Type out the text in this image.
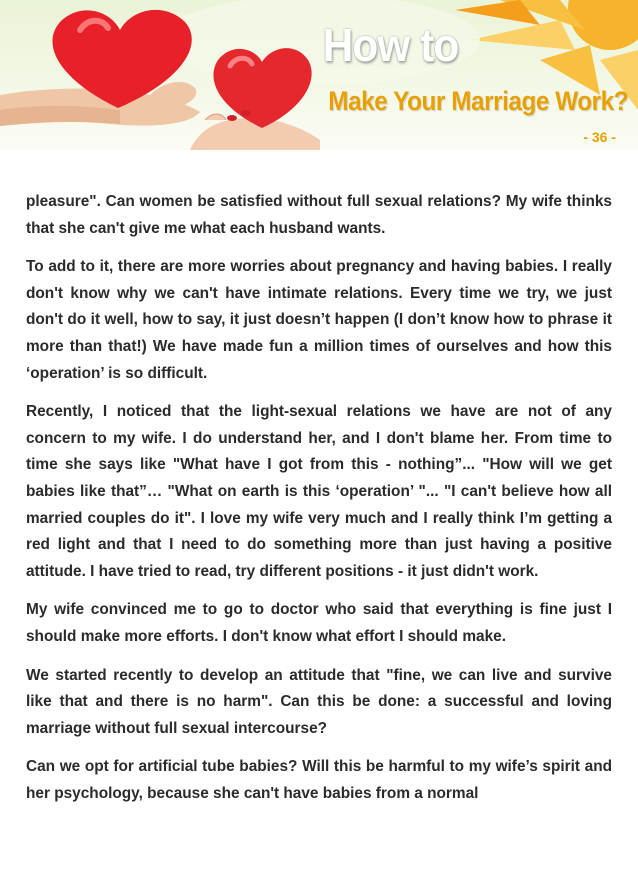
How to
Make Your Marriage Work?
- 36 -

pleasure". Can women be satisfied without full sexual relations? My wife thinks that she can't give me what each husband wants.

To add to it, there are more worries about pregnancy and having babies. I really don't know why we can't have intimate relations. Every time we try, we just don't do it well, how to say, it just doesn’t happen (I don’t know how to phrase it more than that!) We have made fun a million times of ourselves and how this ‘operation’ is so difficult.

Recently, I noticed that the light-sexual relations we have are not of any concern to my wife. I do understand her, and I don't blame her. From time to time she says like "What have I got from this - nothing”... "How will we get babies like that”… "What on earth is this ‘operation’ "... "I can't believe how all married couples do it". I love my wife very much and I really think I’m getting a red light and that I need to do something more than just having a positive attitude. I have tried to read, try different positions - it just didn't work.

My wife convinced me to go to doctor who said that everything is fine just I should make more efforts. I don't know what effort I should make.

We started recently to develop an attitude that "fine, we can live and survive like that and there is no harm". Can this be done: a successful and loving marriage without full sexual intercourse?

Can we opt for artificial tube babies? Will this be harmful to my wife’s spirit and her psychology, because she can't have babies from a normal
